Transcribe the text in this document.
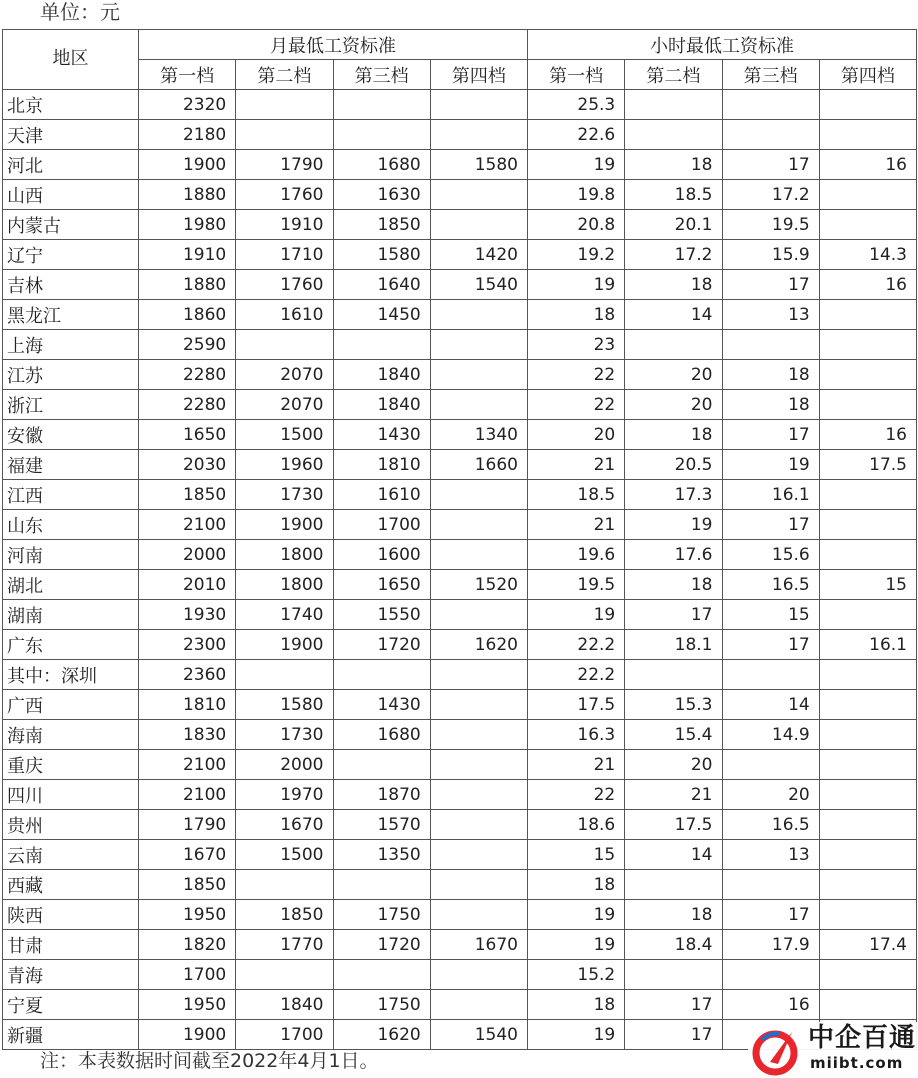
单位：元
地区	月最低工资标准				小时最低工资标准			
	第一档	第二档	第三档	第四档	第一档	第二档	第三档	第四档
北京	2320				25.3			
天津	2180				22.6			
河北	1900	1790	1680	1580	19	18	17	16
山西	1880	1760	1630		19.8	18.5	17.2	
内蒙古	1980	1910	1850		20.8	20.1	19.5	
辽宁	1910	1710	1580	1420	19.2	17.2	15.9	14.3
吉林	1880	1760	1640	1540	19	18	17	16
黑龙江	1860	1610	1450		18	14	13	
上海	2590				23			
江苏	2280	2070	1840		22	20	18	
浙江	2280	2070	1840		22	20	18	
安徽	1650	1500	1430	1340	20	18	17	16
福建	2030	1960	1810	1660	21	20.5	19	17.5
江西	1850	1730	1610		18.5	17.3	16.1	
山东	2100	1900	1700		21	19	17	
河南	2000	1800	1600		19.6	17.6	15.6	
湖北	2010	1800	1650	1520	19.5	18	16.5	15
湖南	1930	1740	1550		19	17	15	
广东	2300	1900	1720	1620	22.2	18.1	17	16.1
其中：深圳	2360				22.2			
广西	1810	1580	1430		17.5	15.3	14	
海南	1830	1730	1680		16.3	15.4	14.9	
重庆	2100	2000			21	20		
四川	2100	1970	1870		22	21	20	
贵州	1790	1670	1570		18.6	17.5	16.5	
云南	1670	1500	1350		15	14	13	
西藏	1850				18			
陕西	1950	1850	1750		19	18	17	
甘肃	1820	1770	1720	1670	19	18.4	17.9	17.4
青海	1700				15.2			
宁夏	1950	1840	1750		18	17	16	
新疆	1900	1700	1620	1540	19	17		
注：本表数据时间截至2022年4月1日。
中企百通
miibt.com
